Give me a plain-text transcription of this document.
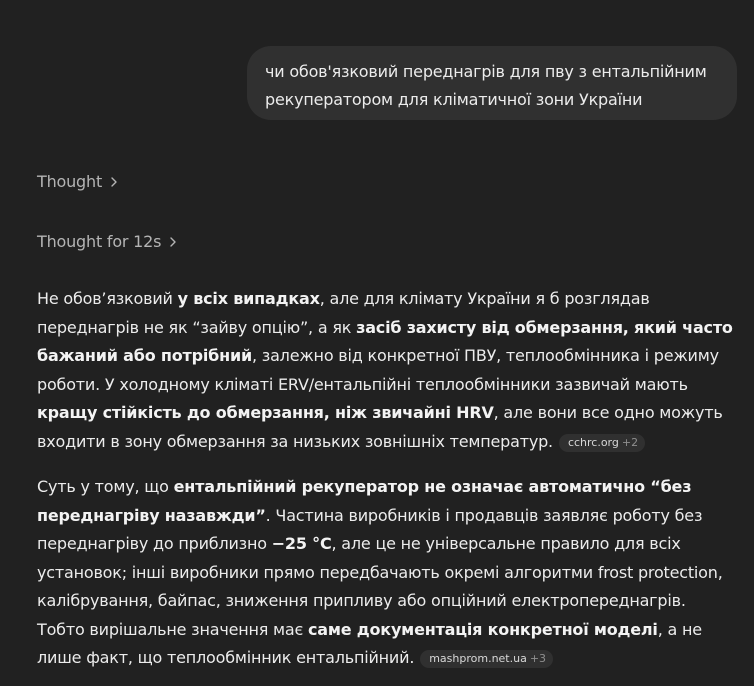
чи обов'язковий переднагрів для пву з ентальпійним рекуператором для кліматичної зони України
Thought
Thought for 12s
Не обов’язковий у всіх випадках, але для клімату України я б розглядав переднагрів не як “зайву опцію”, а як засіб захисту від обмерзання, який часто бажаний або потрібний, залежно від конкретної ПВУ, теплообмінника і режиму роботи. У холодному кліматі ERV/ентальпійні теплообмінники зазвичай мають кращу стійкість до обмерзання, ніж звичайні HRV, але вони все одно можуть входити в зону обмерзання за низьких зовнішніх температур. cchrc.org +2
Суть у тому, що ентальпійний рекуператор не означає автоматично “без переднагріву назавжди”. Частина виробників і продавців заявляє роботу без переднагріву до приблизно −25 °C, але це не універсальне правило для всіх установок; інші виробники прямо передбачають окремі алгоритми frost protection, калібрування, байпас, зниження припливу або опційний електропереднагрів. Тобто вирішальне значення має саме документація конкретної моделі, а не лише факт, що теплообмінник ентальпійний. mashprom.net.ua +3
